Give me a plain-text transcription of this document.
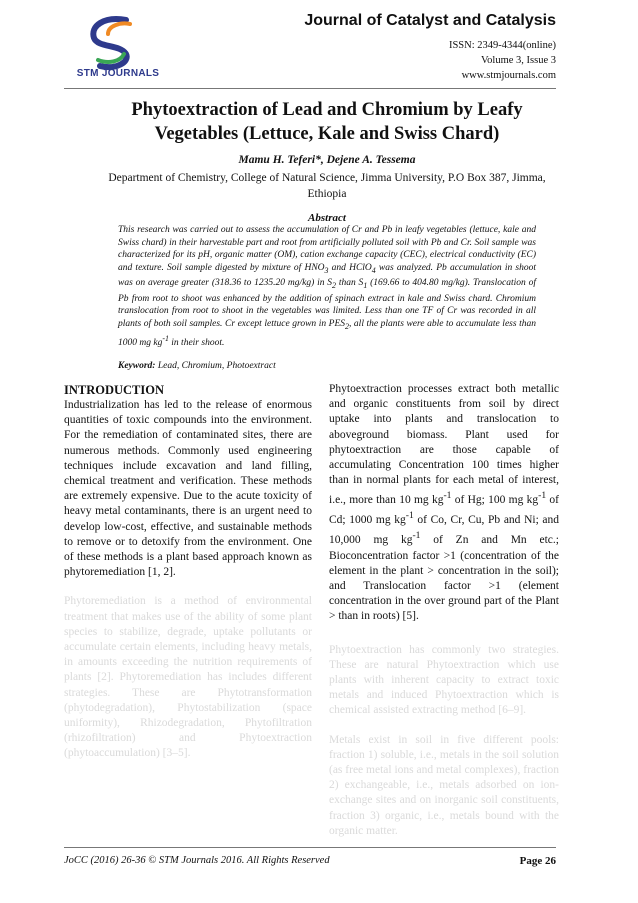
STM JOURNALS
Journal of Catalyst and Catalysis
ISSN: 2349-4344(online)
Volume 3, Issue 3
www.stmjournals.com
Phytoextraction of Lead and Chromium by Leafy Vegetables (Lettuce, Kale and Swiss Chard)
Mamu H. Teferi*, Dejene A. Tessema
Department of Chemistry, College of Natural Science, Jimma University, P.O Box 387, Jimma, Ethiopia
Abstract
This research was carried out to assess the accumulation of Cr and Pb in leafy vegetables (lettuce, kale and Swiss chard) in their harvestable part and root from artificially polluted soil with Pb and Cr. Soil sample was characterized for its pH, organic matter (OM), cation exchange capacity (CEC), electrical conductivity (EC) and texture. Soil sample digested by mixture of $HNO_3$ and HClO$_4$ was analyzed. Pb accumulation in shoot was on average greater (318.36 to 1235.20 mg/kg) in $S_2$ than $S_1$ (169.66 to 404.80 mg/kg). Translocation of Pb from root to shoot was enhanced by the addition of spinach extract in kale and Swiss chard. Chromium translocation from root to shoot in the vegetables was limited. Less than one TF of Cr was recorded in all plants of both soil samples. Cr except lettuce grown in $PES_2$, all the plants were able to accumulate less than 1000 mg $kg^{-1}$ in their shoot.
Keyword: Lead, Chromium, Photoextract

INTRODUCTION

Industrialization has led to the release of enormous quantities of toxic compounds into the environment. For the remediation of contaminated sites, there are numerous methods. Commonly used engineering techniques include excavation and land filling, chemical treatment and verification. These methods are extremely expensive. Due to the acute toxicity of heavy metal contaminants, there is an urgent need to develop low-cost, effective, and sustainable methods to remove or to detoxify from the environment. One of these methods is a plant based approach known as phytoremediation [1, 2].

Phytoremediation is a method of environmental treatment that makes use of the ability of some plant species to stabilize, degrade, uptake pollutants or accumulate certain elements, including heavy metals, in amounts exceeding the nutrition requirements of plants [2]. Phytoremediation has includes different strategies. These are Phytotransformation (phytodegradation), Phytostabilization (space uniformity), Rhizodegradation, Phytofiltration (rhizofiltration) and Phytoextraction (phytoaccumulation) [3–5].

Phytoextraction processes extract both metallic and organic constituents from soil by direct uptake into plants and translocation to aboveground biomass. Plant used for phytoextraction are those capable of accumulating Concentration 100 times higher than in normal plants for each metal of interest, i.e., more than 10 mg $kg^{-1}$ of Hg; 100 mg $kg^{-1}$ of Cd; 1000 mg $kg^{-1}$ of Co, Cr, Cu, Pb and Ni; and 10,000 mg $kg^{-1}$ of Zn and Mn etc.; Bioconcentration factor >1 (concentration of the element in the plant > concentration in the soil); and Translocation factor >1 (element concentration in the over ground part of the Plant > than in roots) [5].

Phytoextraction has commonly two strategies. These are natural Phytoextraction which use plants with inherent capacity to extract toxic metals and induced Phytoextraction which is chemical assisted extracting method [6–9].

Metals exist in soil in five different pools: fraction 1) soluble, i.e., metals in the soil solution (as free metal ions and metal complexes), fraction 2) exchangeable, i.e., metals adsorbed on ion-exchange sites and on inorganic soil constituents, fraction 3) organic, i.e., metals bound with the organic matter.

JoCC (2016) 26-36 © STM Journals 2016. All Rights Reserved	Page 26
